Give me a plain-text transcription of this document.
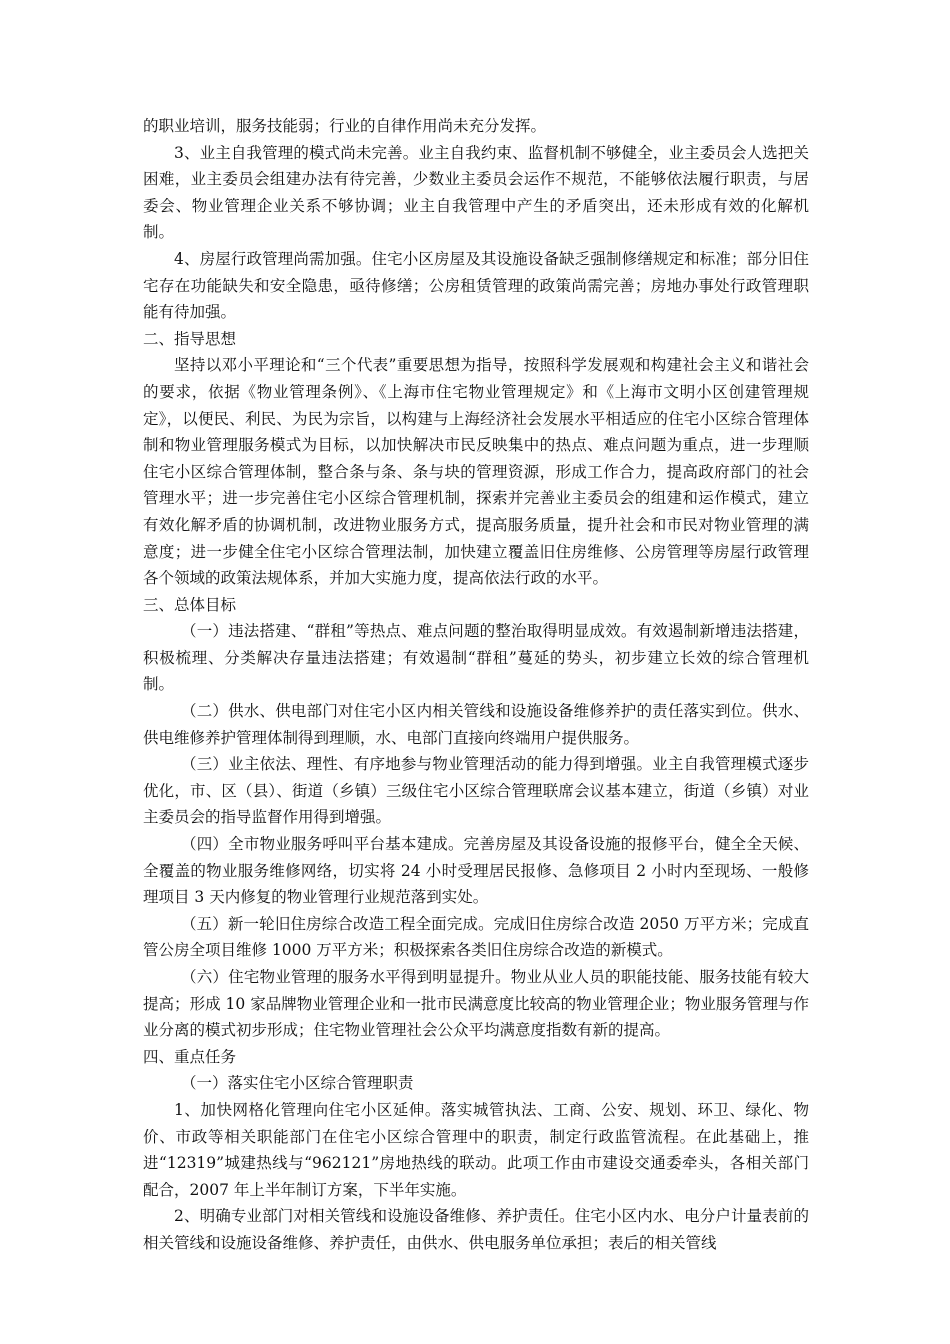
的职业培训，服务技能弱；行业的自律作用尚未充分发挥。

3、业主自我管理的模式尚未完善。业主自我约束、监督机制不够健全，业主委员会人选把关困难，业主委员会组建办法有待完善，少数业主委员会运作不规范，不能够依法履行职责，与居委会、物业管理企业关系不够协调；业主自我管理中产生的矛盾突出，还未形成有效的化解机制。

4、房屋行政管理尚需加强。住宅小区房屋及其设施设备缺乏强制修缮规定和标准；部分旧住宅存在功能缺失和安全隐患，亟待修缮；公房租赁管理的政策尚需完善；房地办事处行政管理职能有待加强。

二、指导思想

坚持以邓小平理论和“三个代表”重要思想为指导，按照科学发展观和构建社会主义和谐社会的要求，依据《物业管理条例》、《上海市住宅物业管理规定》和《上海市文明小区创建管理规定》，以便民、利民、为民为宗旨，以构建与上海经济社会发展水平相适应的住宅小区综合管理体制和物业管理服务模式为目标，以加快解决市民反映集中的热点、难点问题为重点，进一步理顺住宅小区综合管理体制，整合条与条、条与块的管理资源，形成工作合力，提高政府部门的社会管理水平；进一步完善住宅小区综合管理机制，探索并完善业主委员会的组建和运作模式，建立有效化解矛盾的协调机制，改进物业服务方式，提高服务质量，提升社会和市民对物业管理的满意度；进一步健全住宅小区综合管理法制，加快建立覆盖旧住房维修、公房管理等房屋行政管理各个领域的政策法规体系，并加大实施力度，提高依法行政的水平。

三、总体目标

（一）违法搭建、“群租”等热点、难点问题的整治取得明显成效。有效遏制新增违法搭建，积极梳理、分类解决存量违法搭建；有效遏制“群租”蔓延的势头，初步建立长效的综合管理机制。

（二）供水、供电部门对住宅小区内相关管线和设施设备维修养护的责任落实到位。供水、供电维修养护管理体制得到理顺，水、电部门直接向终端用户提供服务。

（三）业主依法、理性、有序地参与物业管理活动的能力得到增强。业主自我管理模式逐步优化，市、区（县）、街道（乡镇）三级住宅小区综合管理联席会议基本建立，街道（乡镇）对业主委员会的指导监督作用得到增强。

（四）全市物业服务呼叫平台基本建成。完善房屋及其设备设施的报修平台，健全全天候、全覆盖的物业服务维修网络，切实将 24 小时受理居民报修、急修项目 2 小时内至现场、一般修理项目 3 天内修复的物业管理行业规范落到实处。

（五）新一轮旧住房综合改造工程全面完成。完成旧住房综合改造 2050 万平方米；完成直管公房全项目维修 1000 万平方米；积极探索各类旧住房综合改造的新模式。

（六）住宅物业管理的服务水平得到明显提升。物业从业人员的职能技能、服务技能有较大提高；形成 10 家品牌物业管理企业和一批市民满意度比较高的物业管理企业；物业服务管理与作业分离的模式初步形成；住宅物业管理社会公众平均满意度指数有新的提高。

四、重点任务

（一）落实住宅小区综合管理职责

1、加快网格化管理向住宅小区延伸。落实城管执法、工商、公安、规划、环卫、绿化、物价、市政等相关职能部门在住宅小区综合管理中的职责，制定行政监管流程。在此基础上，推进“12319”城建热线与“962121”房地热线的联动。此项工作由市建设交通委牵头，各相关部门配合，2007 年上半年制订方案，下半年实施。

2、明确专业部门对相关管线和设施设备维修、养护责任。住宅小区内水、电分户计量表前的相关管线和设施设备维修、养护责任，由供水、供电服务单位承担；表后的相关管线
